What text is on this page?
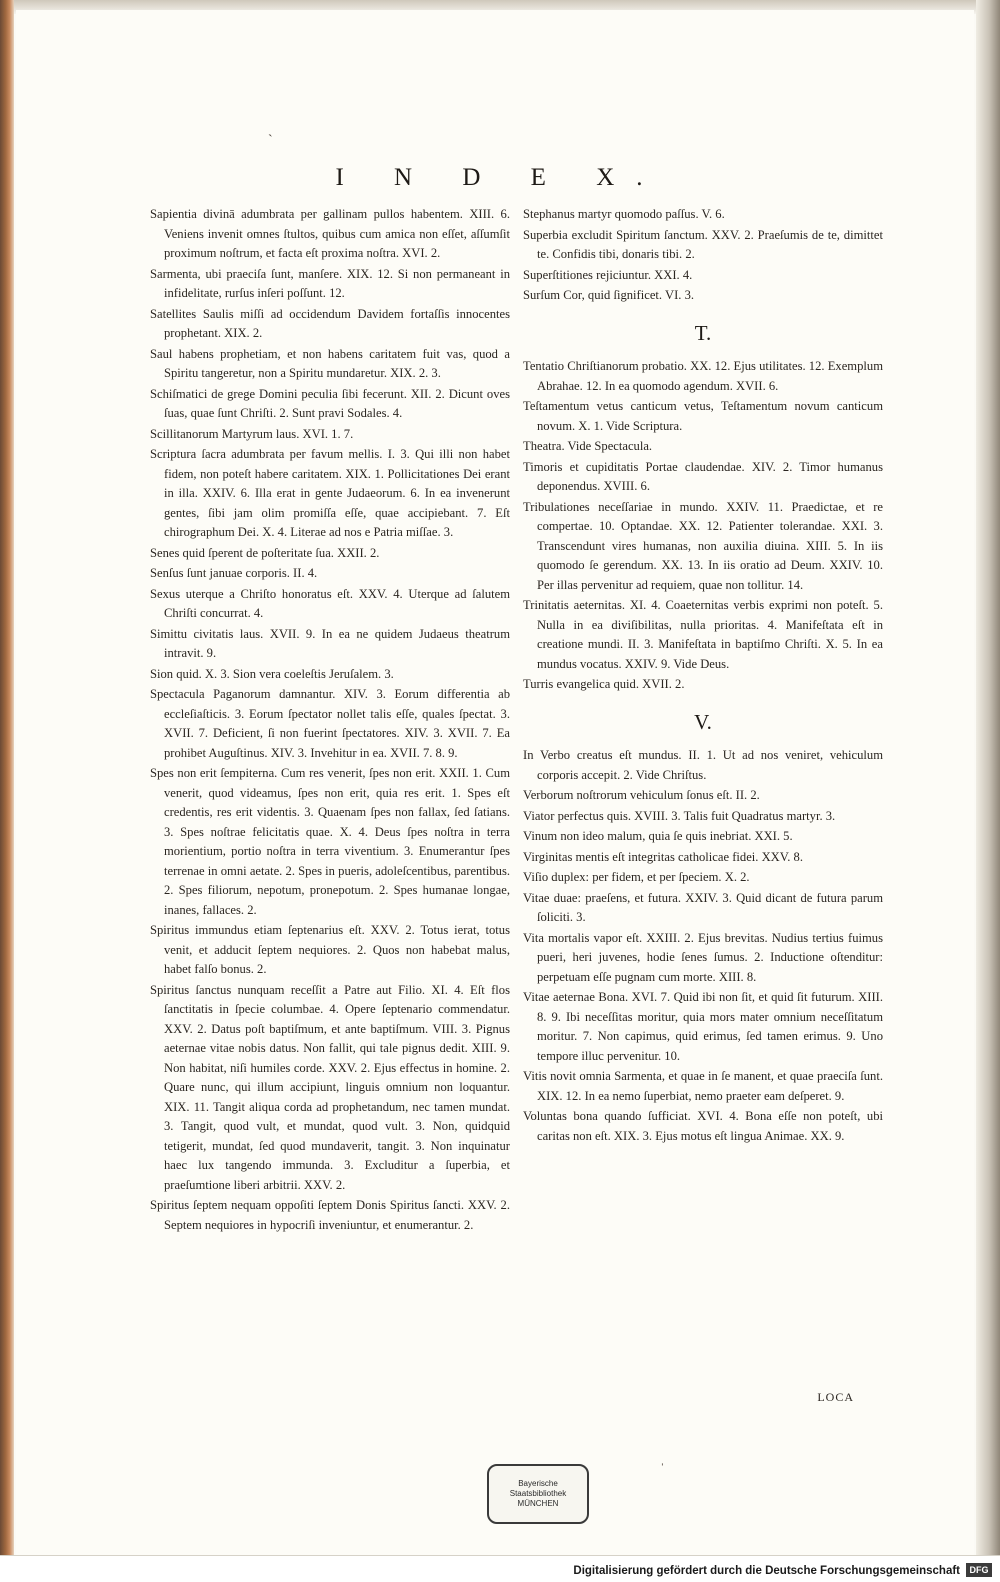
ˋ
ˈ
I N D E X.

Sapientia divinā adumbrata per gallinam pullos habentem. XIII. 6. Veniens invenit omnes ſtultos, quibus cum amica non eſſet, aſſumſit proximum noſtrum, et facta eſt proxima noſtra. XVI. 2.

Sarmenta, ubi praeciſa ſunt, manſere. XIX. 12. Si non permaneant in infidelitate, rurſus inſeri poſſunt. 12.

Satellites Saulis miſſi ad occidendum Davidem fortaſſis innocentes prophetant. XIX. 2.

Saul habens prophetiam, et non habens caritatem fuit vas, quod a Spiritu tangeretur, non a Spiritu mundaretur. XIX. 2. 3.

Schiſmatici de grege Domini peculia ſibi fecerunt. XII. 2. Dicunt oves ſuas, quae ſunt Chriſti. 2. Sunt pravi Sodales. 4.

Scillitanorum Martyrum laus. XVI. 1. 7.

Scriptura ſacra adumbrata per favum mellis. I. 3. Qui illi non habet fidem, non poteſt habere caritatem. XIX. 1. Pollicitationes Dei erant in illa. XXIV. 6. Illa erat in gente Judaeorum. 6. In ea invenerunt gentes, ſibi jam olim promiſſa eſſe, quae accipiebant. 7. Eſt chirographum Dei. X. 4. Literae ad nos e Patria miſſae. 3.

Senes quid ſperent de poſteritate ſua. XXII. 2.

Senſus ſunt januae corporis. II. 4.

Sexus uterque a Chriſto honoratus eſt. XXV. 4. Uterque ad ſalutem Chriſti concurrat. 4.

Simittu civitatis laus. XVII. 9. In ea ne quidem Judaeus theatrum intravit. 9.

Sion quid. X. 3. Sion vera coeleſtis Jeruſalem. 3.

Spectacula Paganorum damnantur. XIV. 3. Eorum differentia ab eccleſiaſticis. 3. Eorum ſpectator nollet talis eſſe, quales ſpectat. 3. XVII. 7. Deficient, ſi non fuerint ſpectatores. XIV. 3. XVII. 7. Ea prohibet Auguſtinus. XIV. 3. Invehitur in ea. XVII. 7. 8. 9.

Spes non erit ſempiterna. Cum res venerit, ſpes non erit. XXII. 1. Cum venerit, quod videamus, ſpes non erit, quia res erit. 1. Spes eſt credentis, res erit videntis. 3. Quaenam ſpes non fallax, ſed ſatians. 3. Spes noſtrae felicitatis quae. X. 4. Deus ſpes noſtra in terra morientium, portio noſtra in terra viventium. 3. Enumerantur ſpes terrenae in omni aetate. 2. Spes in pueris, adoleſcentibus, parentibus. 2. Spes filiorum, nepotum, pronepotum. 2. Spes humanae longae, inanes, fallaces. 2.

Spiritus immundus etiam ſeptenarius eſt. XXV. 2. Totus ierat, totus venit, et adducit ſeptem nequiores. 2. Quos non habebat malus, habet falſo bonus. 2.

Spiritus ſanctus nunquam receſſit a Patre aut Filio. XI. 4. Eſt flos ſanctitatis in ſpecie columbae. 4. Opere ſeptenario commendatur. XXV. 2. Datus poſt baptiſmum, et ante baptiſmum. VIII. 3. Pignus aeternae vitae nobis datus. Non fallit, qui tale pignus dedit. XIII. 9. Non habitat, niſi humiles corde. XXV. 2. Ejus effectus in homine. 2. Quare nunc, qui illum accipiunt, linguis omnium non loquantur. XIX. 11. Tangit aliqua corda ad prophetandum, nec tamen mundat. 3. Tangit, quod vult, et mundat, quod vult. 3. Non, quidquid tetigerit, mundat, ſed quod mundaverit, tangit. 3. Non inquinatur haec lux tangendo immunda. 3. Excluditur a ſuperbia, et praeſumtione liberi arbitrii. XXV. 2.

Spiritus ſeptem nequam oppoſiti ſeptem Donis Spiritus ſancti. XXV. 2. Septem nequiores in hypocriſi inveniuntur, et enumerantur. 2.

Stephanus martyr quomodo paſſus. V. 6.

Superbia excludit Spiritum ſanctum. XXV. 2. Praeſumis de te, dimittet te. Confidis tibi, donaris tibi. 2.

Superſtitiones rejiciuntur. XXI. 4.

Surſum Cor, quid ſignificet. VI. 3.

T.

Tentatio Chriſtianorum probatio. XX. 12. Ejus utilitates. 12. Exemplum Abrahae. 12. In ea quomodo agendum. XVII. 6.

Teſtamentum vetus canticum vetus, Teſtamentum novum canticum novum. X. 1. Vide Scriptura.

Theatra. Vide Spectacula.

Timoris et cupiditatis Portae claudendae. XIV. 2. Timor humanus deponendus. XVIII. 6.

Tribulationes neceſſariae in mundo. XXIV. 11. Praedictae, et re compertae. 10. Optandae. XX. 12. Patienter tolerandae. XXI. 3. Transcendunt vires humanas, non auxilia diuina. XIII. 5. In iis quomodo ſe gerendum. XX. 13. In iis oratio ad Deum. XXIV. 10. Per illas pervenitur ad requiem, quae non tollitur. 14.

Trinitatis aeternitas. XI. 4. Coaeternitas verbis exprimi non poteſt. 5. Nulla in ea diviſibilitas, nulla prioritas. 4. Manifeſtata eſt in creatione mundi. II. 3. Manifeſtata in baptiſmo Chriſti. X. 5. In ea mundus vocatus. XXIV. 9. Vide Deus.

Turris evangelica quid. XVII. 2.

V.

In Verbo creatus eſt mundus. II. 1. Ut ad nos veniret, vehiculum corporis accepit. 2. Vide Chriſtus.

Verborum noſtrorum vehiculum ſonus eſt. II. 2.

Viator perfectus quis. XVIII. 3. Talis fuit Quadratus martyr. 3.

Vinum non ideo malum, quia ſe quis inebriat. XXI. 5.

Virginitas mentis eſt integritas catholicae fidei. XXV. 8.

Viſio duplex: per fidem, et per ſpeciem. X. 2.

Vitae duae: praeſens, et futura. XXIV. 3. Quid dicant de futura parum ſoliciti. 3.

Vita mortalis vapor eſt. XXIII. 2. Ejus brevitas. Nudius tertius fuimus pueri, heri juvenes, hodie ſenes ſumus. 2. Inductione oſtenditur: perpetuam eſſe pugnam cum morte. XIII. 8.

Vitae aeternae Bona. XVI. 7. Quid ibi non ſit, et quid ſit futurum. XIII. 8. 9. Ibi neceſſitas moritur, quia mors mater omnium neceſſitatum moritur. 7. Non capimus, quid erimus, ſed tamen erimus. 9. Uno tempore illuc pervenitur. 10.

Vitis novit omnia Sarmenta, et quae in ſe manent, et quae praeciſa ſunt. XIX. 12. In ea nemo ſuperbiat, nemo praeter eam deſperet. 9.

Voluntas bona quando ſufficiat. XVI. 4. Bona eſſe non poteſt, ubi caritas non eſt. XIX. 3. Ejus motus eſt lingua Animae. XX. 9.

LOCA
Bayerische
Staatsbibliothek
MÜNCHEN
Digitalisierung gefördert durch die Deutsche Forschungsgemeinschaft	DFG
